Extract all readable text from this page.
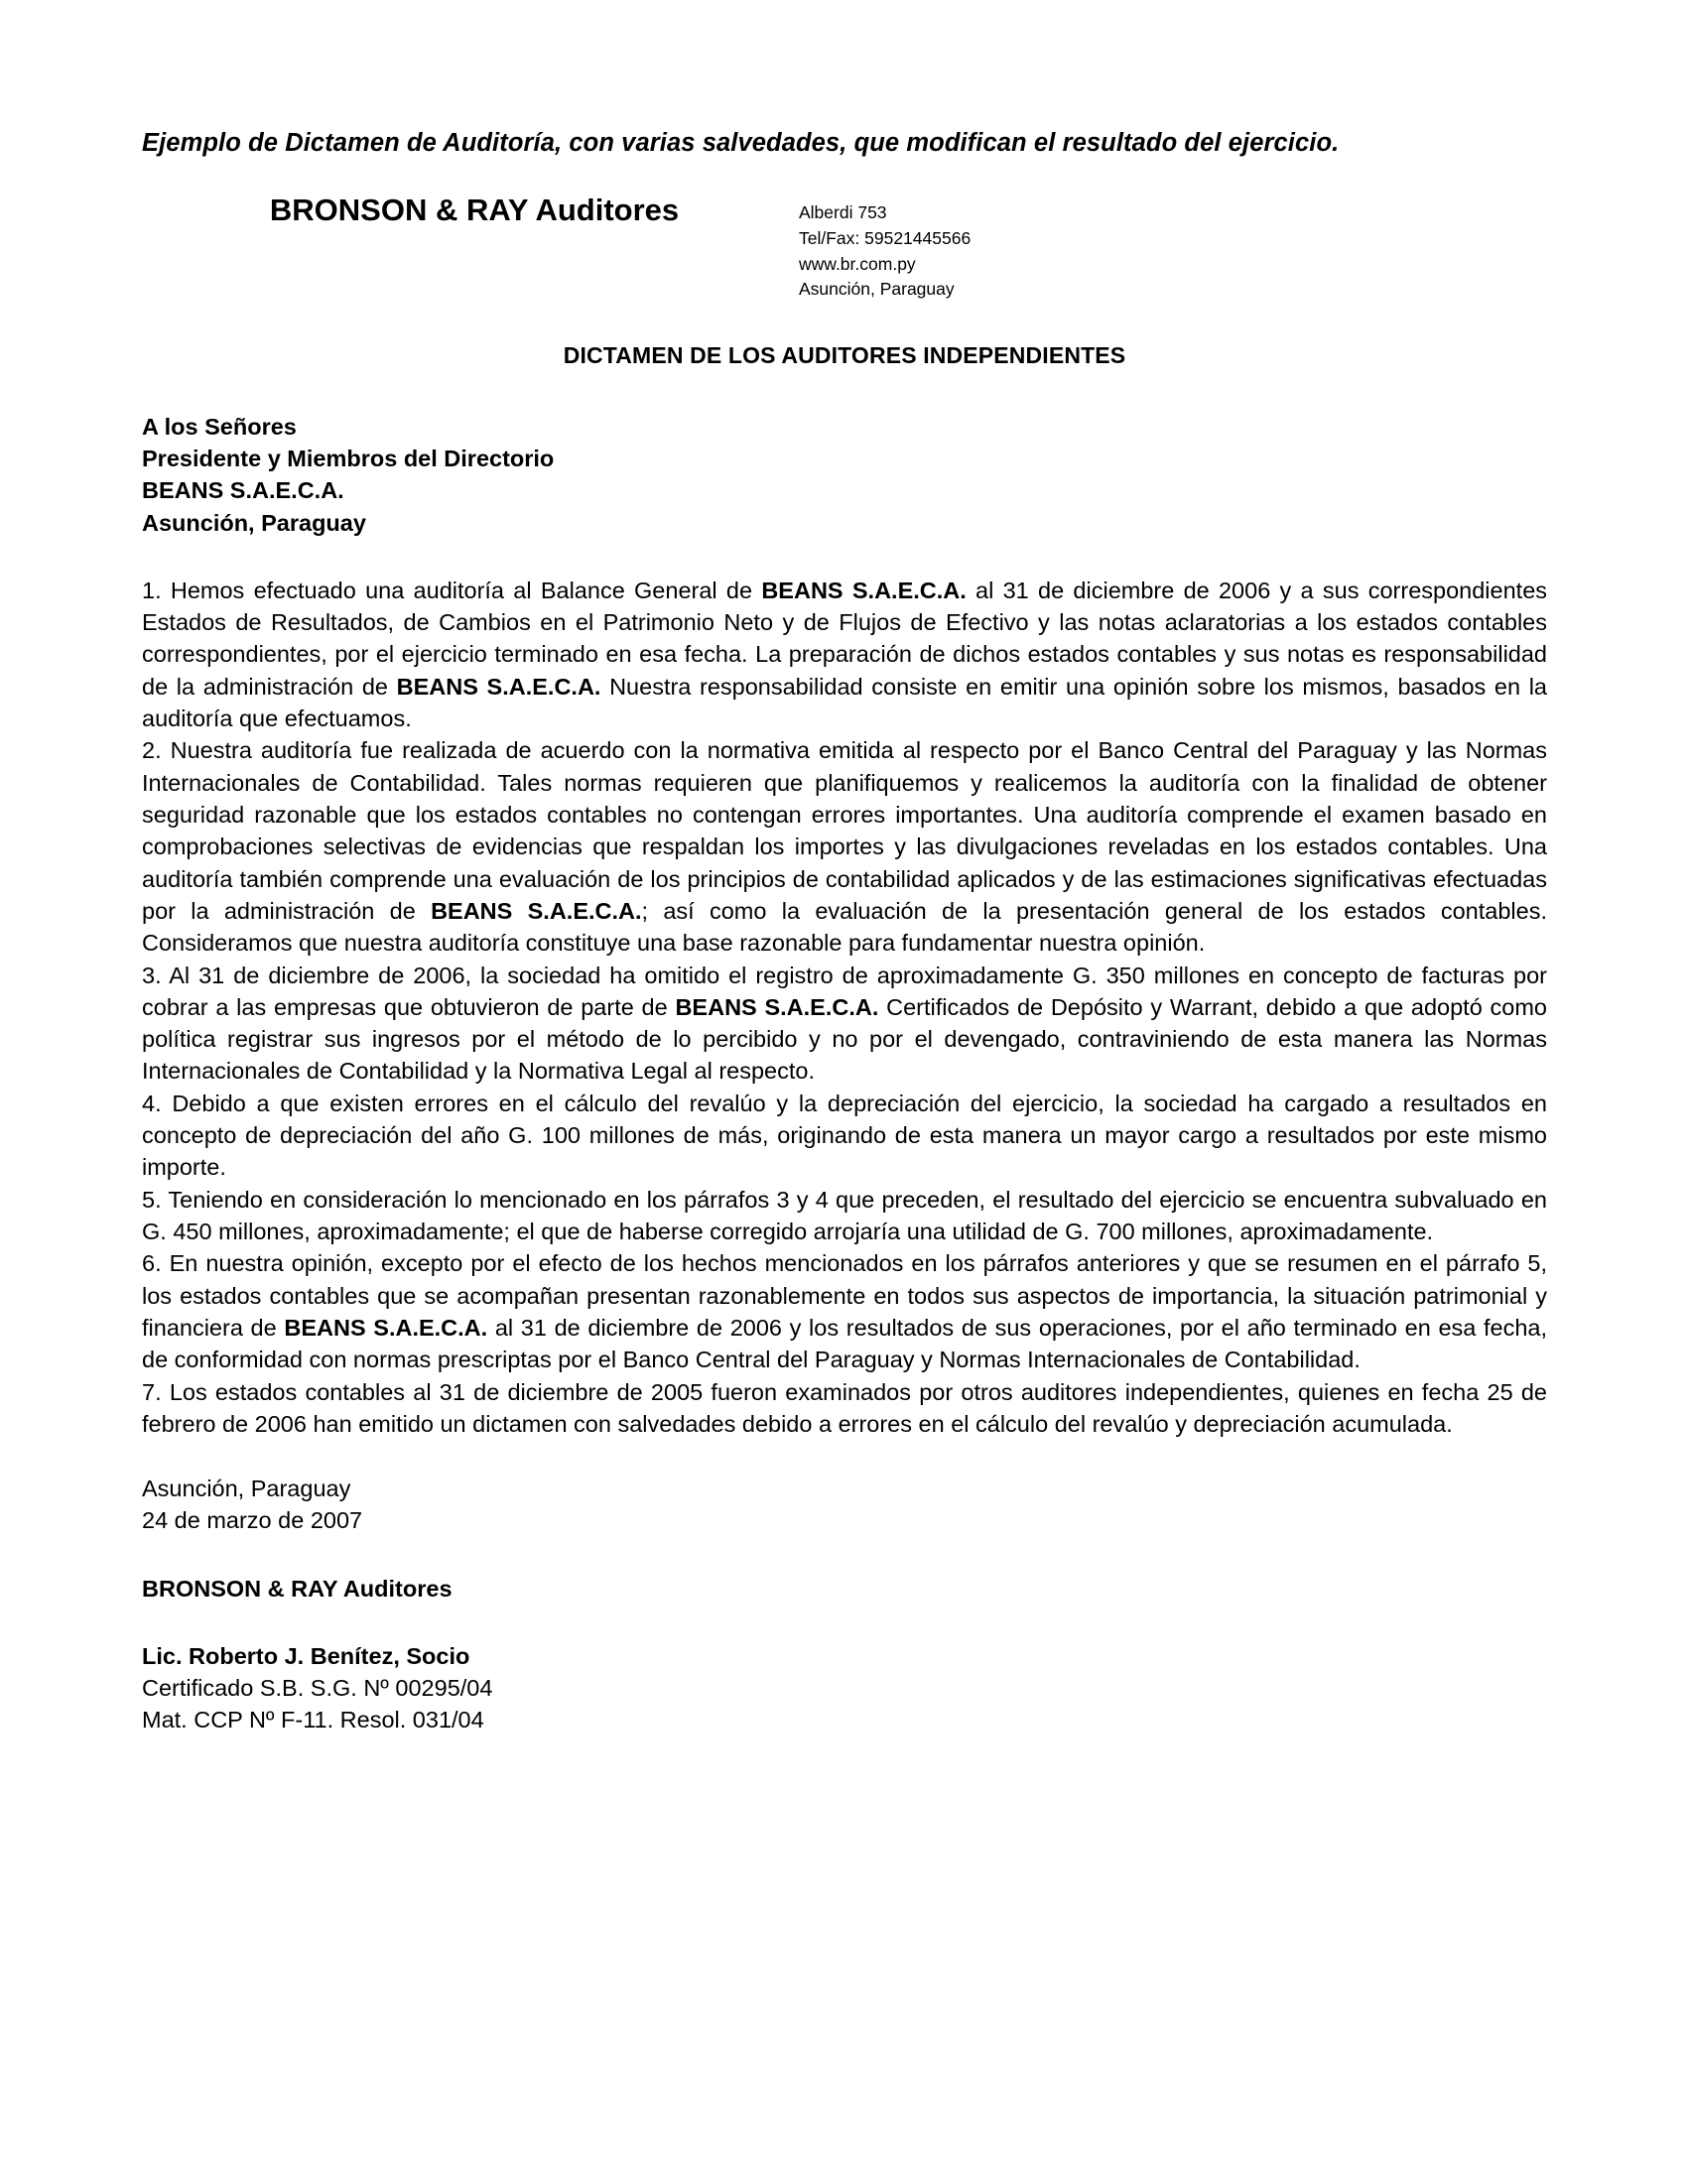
Ejemplo de Dictamen de Auditoría, con varias salvedades, que modifican el resultado del ejercicio.
BRONSON & RAY Auditores	Alberdi 753
Tel/Fax: 59521445566
www.br.com.py
Asunción, Paraguay
DICTAMEN DE LOS AUDITORES INDEPENDIENTES
A los Señores
Presidente y Miembros del Directorio
BEANS S.A.E.C.A.
Asunción, Paraguay
1. Hemos efectuado una auditoría al Balance General de BEANS S.A.E.C.A. al 31 de diciembre de 2006 y a sus correspondientes Estados de Resultados, de Cambios en el Patrimonio Neto y de Flujos de Efectivo y las notas aclaratorias a los estados contables correspondientes, por el ejercicio terminado en esa fecha. La preparación de dichos estados contables y sus notas es responsabilidad de la administración de BEANS S.A.E.C.A. Nuestra responsabilidad consiste en emitir una opinión sobre los mismos, basados en la auditoría que efectuamos.
2. Nuestra auditoría fue realizada de acuerdo con la normativa emitida al respecto por el Banco Central del Paraguay y las Normas Internacionales de Contabilidad. Tales normas requieren que planifiquemos y realicemos la auditoría con la finalidad de obtener seguridad razonable que los estados contables no contengan errores importantes. Una auditoría comprende el examen basado en comprobaciones selectivas de evidencias que respaldan los importes y las divulgaciones reveladas en los estados contables. Una auditoría también comprende una evaluación de los principios de contabilidad aplicados y de las estimaciones significativas efectuadas por la administración de BEANS S.A.E.C.A.; así como la evaluación de la presentación general de los estados contables. Consideramos que nuestra auditoría constituye una base razonable para fundamentar nuestra opinión.
3. Al 31 de diciembre de 2006, la sociedad ha omitido el registro de aproximadamente G. 350 millones en concepto de facturas por cobrar a las empresas que obtuvieron de parte de BEANS S.A.E.C.A. Certificados de Depósito y Warrant, debido a que adoptó como política registrar sus ingresos por el método de lo percibido y no por el devengado, contraviniendo de esta manera las Normas Internacionales de Contabilidad y la Normativa Legal al respecto.
4. Debido a que existen errores en el cálculo del revalúo y la depreciación del ejercicio, la sociedad ha cargado a resultados en concepto de depreciación del año G. 100 millones de más, originando de esta manera un mayor cargo a resultados por este mismo importe.
5. Teniendo en consideración lo mencionado en los párrafos 3 y 4 que preceden, el resultado del ejercicio se encuentra subvaluado en G. 450 millones, aproximadamente; el que de haberse corregido arrojaría una utilidad de G. 700 millones, aproximadamente.
6. En nuestra opinión, excepto por el efecto de los hechos mencionados en los párrafos anteriores y que se resumen en el párrafo 5, los estados contables que se acompañan presentan razonablemente en todos sus aspectos de importancia, la situación patrimonial y financiera de BEANS S.A.E.C.A. al 31 de diciembre de 2006 y los resultados de sus operaciones, por el año terminado en esa fecha, de conformidad con normas prescriptas por el Banco Central del Paraguay y Normas Internacionales de Contabilidad.
7. Los estados contables al 31 de diciembre de 2005 fueron examinados por otros auditores independientes, quienes en fecha 25 de febrero de 2006 han emitido un dictamen con salvedades debido a errores en el cálculo del revalúo y depreciación acumulada.
Asunción, Paraguay
24 de marzo de 2007
BRONSON & RAY Auditores
Lic. Roberto J. Benítez, Socio
Certificado S.B. S.G. Nº 00295/04
Mat. CCP Nº F-11. Resol. 031/04
